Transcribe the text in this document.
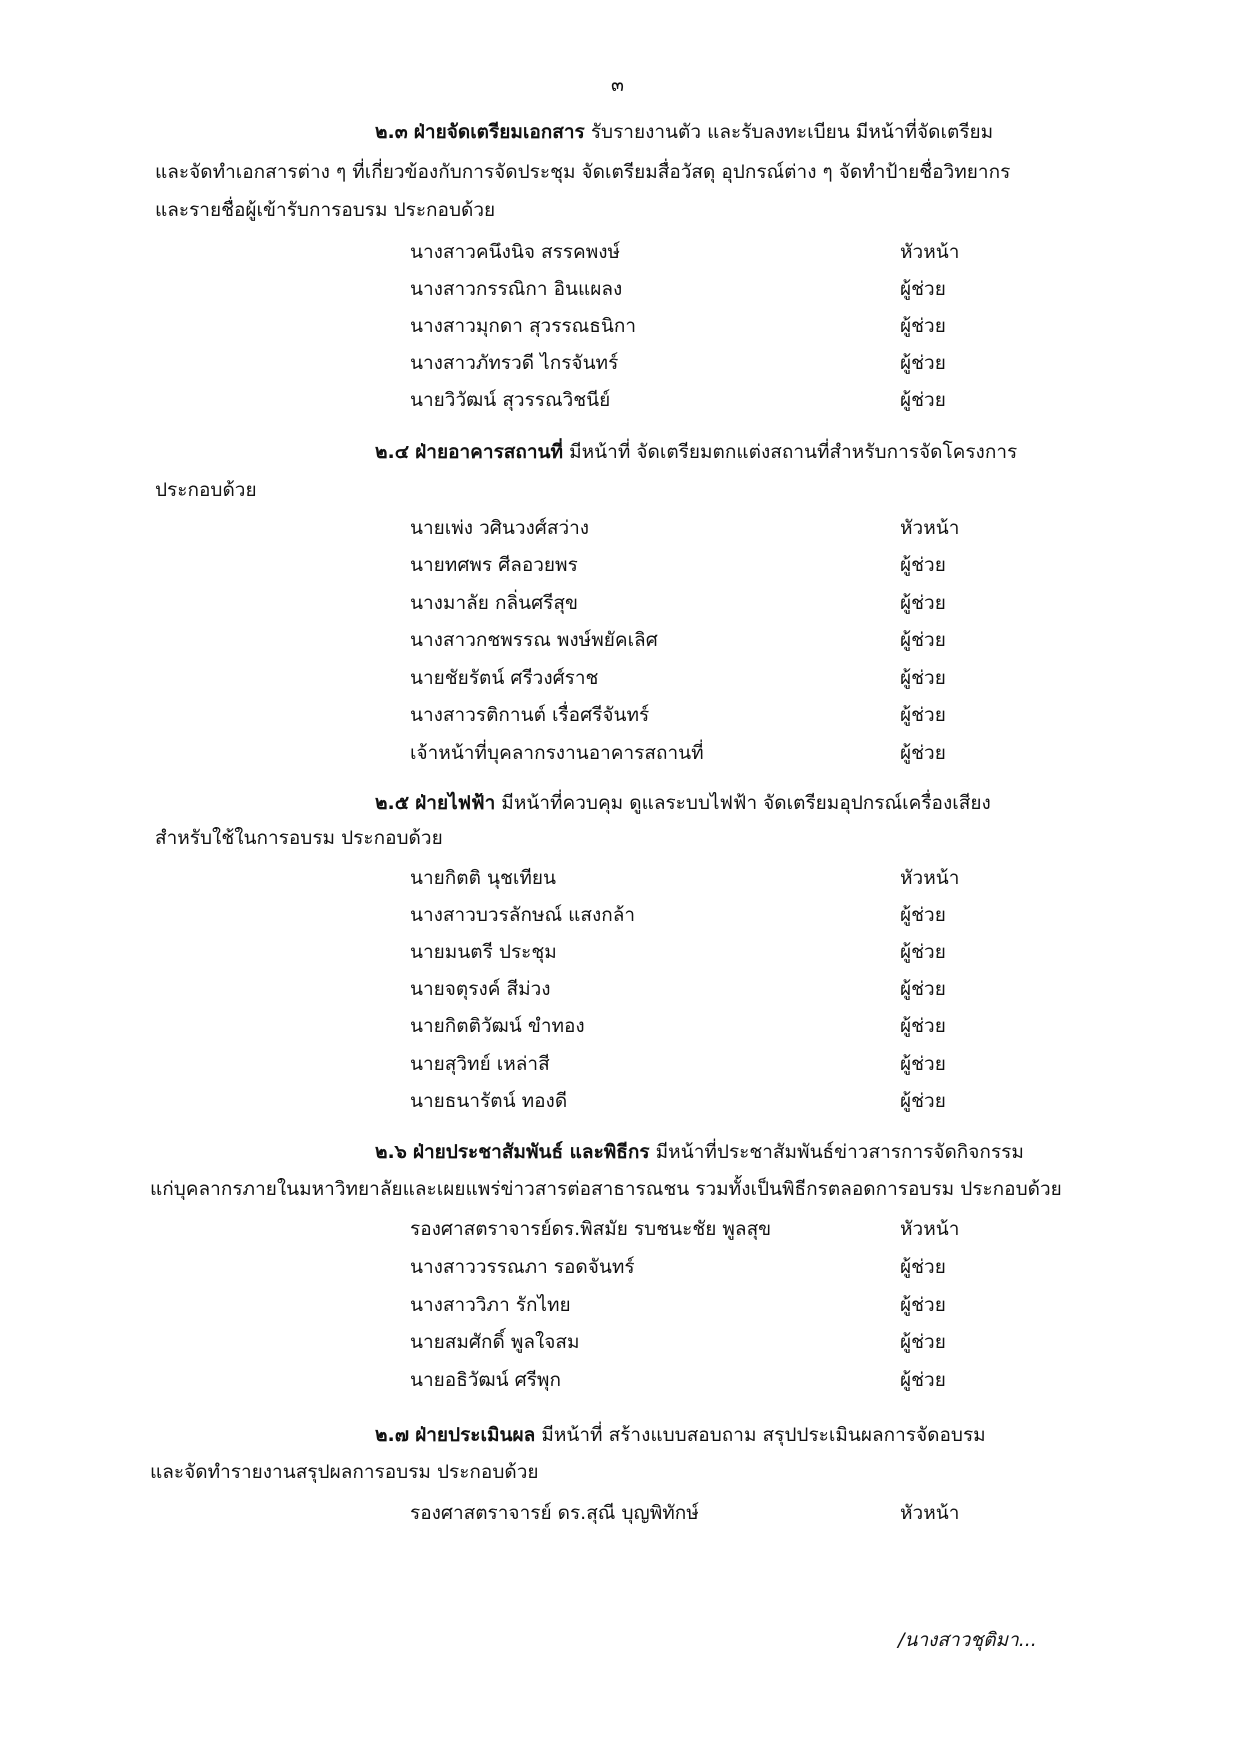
๓
๒.๓ ฝ่ายจัดเตรียมเอกสาร รับรายงานตัว และรับลงทะเบียน มีหน้าที่จัดเตรียม
และจัดทำเอกสารต่าง ๆ ที่เกี่ยวข้องกับการจัดประชุม จัดเตรียมสื่อวัสดุ อุปกรณ์ต่าง ๆ จัดทำป้ายชื่อวิทยากร
และรายชื่อผู้เข้ารับการอบรม ประกอบด้วย
นางสาวคนึงนิจ สรรคพงษ์	หัวหน้า
นางสาวกรรณิกา อินแผลง	ผู้ช่วย
นางสาวมุกดา สุวรรณธนิกา	ผู้ช่วย
นางสาวภัทรวดี ไกรจันทร์	ผู้ช่วย
นายวิวัฒน์ สุวรรณวิชนีย์	ผู้ช่วย
๒.๔ ฝ่ายอาคารสถานที่ มีหน้าที่ จัดเตรียมตกแต่งสถานที่สำหรับการจัดโครงการ
ประกอบด้วย
นายเพ่ง วศินวงศ์สว่าง	หัวหน้า
นายทศพร ศีลอวยพร	ผู้ช่วย
นางมาลัย กลิ่นศรีสุข	ผู้ช่วย
นางสาวกชพรรณ พงษ์พยัคเลิศ	ผู้ช่วย
นายชัยรัตน์ ศรีวงศ์ราช	ผู้ช่วย
นางสาวรติกานต์ เรื่อศรีจันทร์	ผู้ช่วย
เจ้าหน้าที่บุคลากรงานอาคารสถานที่	ผู้ช่วย
๒.๕ ฝ่ายไฟฟ้า มีหน้าที่ควบคุม ดูแลระบบไฟฟ้า จัดเตรียมอุปกรณ์เครื่องเสียง
สำหรับใช้ในการอบรม ประกอบด้วย
นายกิตติ นุชเทียน	หัวหน้า
นางสาวบวรลักษณ์ แสงกล้า	ผู้ช่วย
นายมนตรี ประชุม	ผู้ช่วย
นายจตุรงค์ สีม่วง	ผู้ช่วย
นายกิตติวัฒน์ ขำทอง	ผู้ช่วย
นายสุวิทย์ เหล่าสี	ผู้ช่วย
นายธนารัตน์ ทองดี	ผู้ช่วย
๒.๖ ฝ่ายประชาสัมพันธ์ และพิธีกร มีหน้าที่ประชาสัมพันธ์ข่าวสารการจัดกิจกรรม
แก่บุคลากรภายในมหาวิทยาลัยและเผยแพร่ข่าวสารต่อสาธารณชน รวมทั้งเป็นพิธีกรตลอดการอบรม ประกอบด้วย
รองศาสตราจารย์ดร.พิสมัย รบชนะชัย พูลสุข	หัวหน้า
นางสาววรรณภา รอดจันทร์	ผู้ช่วย
นางสาววิภา รักไทย	ผู้ช่วย
นายสมศักดิ์ พูลใจสม	ผู้ช่วย
นายอธิวัฒน์ ศรีพุก	ผู้ช่วย
๒.๗ ฝ่ายประเมินผล มีหน้าที่ สร้างแบบสอบถาม สรุปประเมินผลการจัดอบรม
และจัดทำรายงานสรุปผลการอบรม ประกอบด้วย
รองศาสตราจารย์ ดร.สุณี บุญพิทักษ์	หัวหน้า
/นางสาวชุติมา...
